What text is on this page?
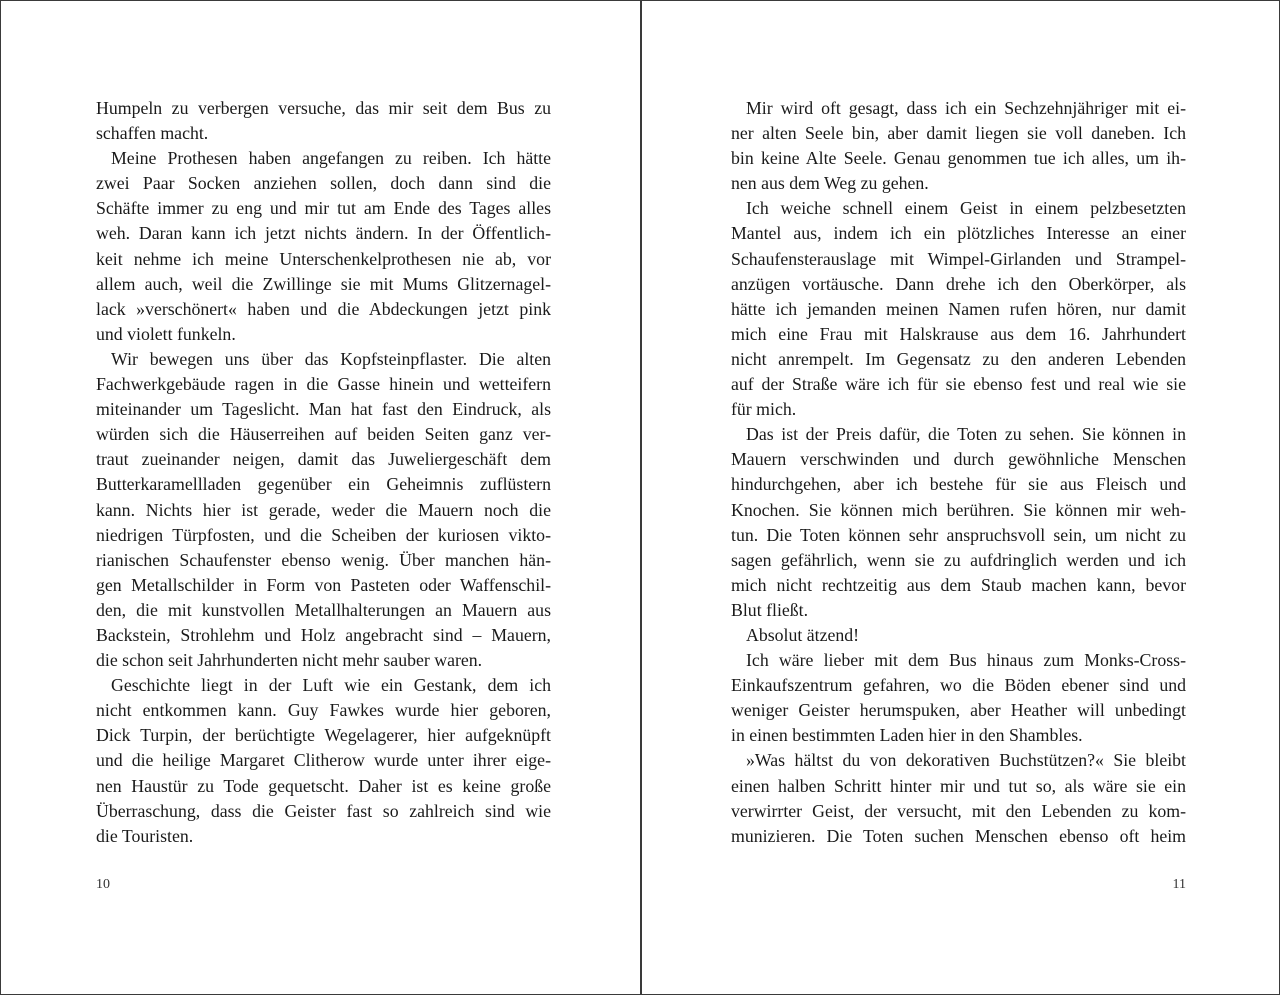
Humpeln zu verbergen versuche, das mir seit dem Bus zu
schaffen macht.
Meine Prothesen haben angefangen zu reiben. Ich hätte
zwei Paar Socken anziehen sollen, doch dann sind die
Schäfte immer zu eng und mir tut am Ende des Tages alles
weh. Daran kann ich jetzt nichts ändern. In der Öffentlich-
keit nehme ich meine Unterschenkelprothesen nie ab, vor
allem auch, weil die Zwillinge sie mit Mums Glitzernagel-
lack »verschönert« haben und die Abdeckungen jetzt pink
und violett funkeln.
Wir bewegen uns über das Kopfsteinpflaster. Die alten
Fachwerkgebäude ragen in die Gasse hinein und wetteifern
miteinander um Tageslicht. Man hat fast den Eindruck, als
würden sich die Häuserreihen auf beiden Seiten ganz ver-
traut zueinander neigen, damit das Juweliergeschäft dem
Butterkaramellladen gegenüber ein Geheimnis zuflüstern
kann. Nichts hier ist gerade, weder die Mauern noch die
niedrigen Türpfosten, und die Scheiben der kuriosen vikto-
rianischen Schaufenster ebenso wenig. Über manchen hän-
gen Metallschilder in Form von Pasteten oder Waffenschil-
den, die mit kunstvollen Metallhalterungen an Mauern aus
Backstein, Strohlehm und Holz angebracht sind – Mauern,
die schon seit Jahrhunderten nicht mehr sauber waren.
Geschichte liegt in der Luft wie ein Gestank, dem ich
nicht entkommen kann. Guy Fawkes wurde hier geboren,
Dick Turpin, der berüchtigte Wegelagerer, hier aufgeknüpft
und die heilige Margaret Clitherow wurde unter ihrer eige-
nen Haustür zu Tode gequetscht. Daher ist es keine große
Überraschung, dass die Geister fast so zahlreich sind wie
die Touristen.
10
Mir wird oft gesagt, dass ich ein Sechzehnjähriger mit ei-
ner alten Seele bin, aber damit liegen sie voll daneben. Ich
bin keine Alte Seele. Genau genommen tue ich alles, um ih-
nen aus dem Weg zu gehen.
Ich weiche schnell einem Geist in einem pelzbesetzten
Mantel aus, indem ich ein plötzliches Interesse an einer
Schaufensterauslage mit Wimpel-Girlanden und Strampel-
anzügen vortäusche. Dann drehe ich den Oberkörper, als
hätte ich jemanden meinen Namen rufen hören, nur damit
mich eine Frau mit Halskrause aus dem 16. Jahrhundert
nicht anrempelt. Im Gegensatz zu den anderen Lebenden
auf der Straße wäre ich für sie ebenso fest und real wie sie
für mich.
Das ist der Preis dafür, die Toten zu sehen. Sie können in
Mauern verschwinden und durch gewöhnliche Menschen
hindurchgehen, aber ich bestehe für sie aus Fleisch und
Knochen. Sie können mich berühren. Sie können mir weh-
tun. Die Toten können sehr anspruchsvoll sein, um nicht zu
sagen gefährlich, wenn sie zu aufdringlich werden und ich
mich nicht rechtzeitig aus dem Staub machen kann, bevor
Blut fließt.
Absolut ätzend!
Ich wäre lieber mit dem Bus hinaus zum Monks-Cross-
Einkaufszentrum gefahren, wo die Böden ebener sind und
weniger Geister herumspuken, aber Heather will unbedingt
in einen bestimmten Laden hier in den Shambles.
»Was hältst du von dekorativen Buchstützen?« Sie bleibt
einen halben Schritt hinter mir und tut so, als wäre sie ein
verwirrter Geist, der versucht, mit den Lebenden zu kom-
munizieren. Die Toten suchen Menschen ebenso oft heim
11
